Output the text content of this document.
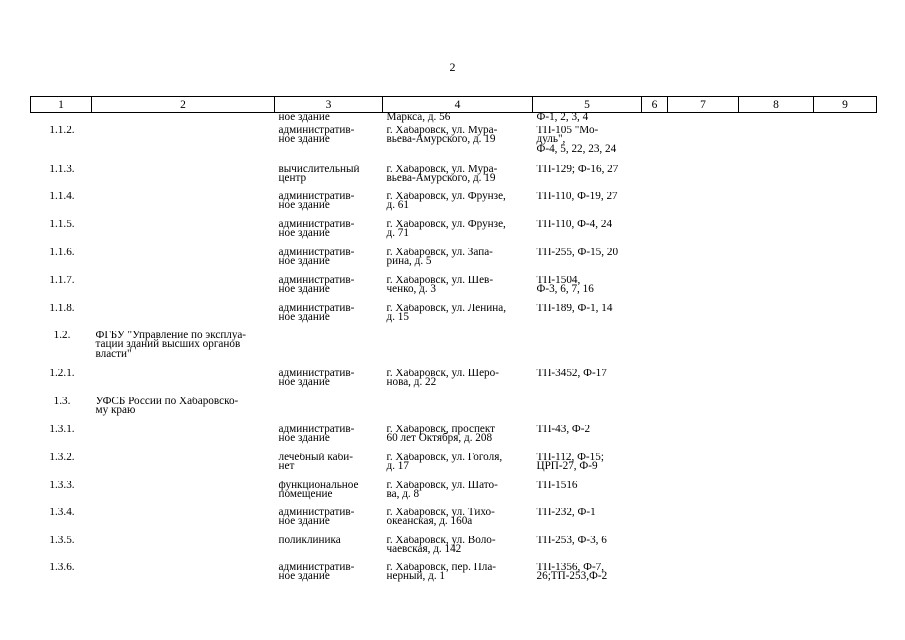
2
1	2	3	4	5	6	7	8	9

		ное здание	Маркса, д. 56	Ф-1, 2, 3, 4				

1.1.2.		административ-
ное здание	г. Хабаровск, ул. Мура-
вьева-Амурского, д. 19	ТП-105 "Мо-
дуль",
Ф-4, 5, 22, 23, 24				

1.1.3.		вычислительный
центр	г. Хабаровск, ул. Мура-
вьева-Амурского, д. 19	ТП-129; Ф-16, 27				

1.1.4.		административ-
ное здание	г. Хабаровск, ул. Фрунзе,
д. 61	ТП-110, Ф-19, 27				

1.1.5.		административ-
ное здание	г. Хабаровск, ул. Фрунзе,
д. 71	ТП-110, Ф-4, 24				

1.1.6.		административ-
ное здание	г. Хабаровск, ул. Запа-
рина, д. 5	ТП-255, Ф-15, 20				

1.1.7.		административ-
ное здание	г. Хабаровск, ул. Шев-
ченко, д. 3	ТП-1504,
Ф-3, 6, 7, 16				

1.1.8.		административ-
ное здание	г. Хабаровск, ул. Ленина,
д. 15	ТП-189, Ф-1, 14				

1.2.	ФГБУ "Управление по эксплуа-
тации зданий высших органов
власти"							

1.2.1.		административ-
ное здание	г. Хабаровск, ул. Шеро-
нова, д. 22	ТП-3452, Ф-17				

1.3.	УФСБ России по Хабаровско-
му краю							

1.3.1.		административ-
ное здание	г. Хабаровск, проспект
60 лет Октября, д. 208	ТП-43, Ф-2				

1.3.2.		лечебный каби-
нет	г. Хабаровск, ул. Гоголя,
д. 17	ТП-112, Ф-15;
ЦРП-27, Ф-9				

1.3.3.		функциональное
помещение	г. Хабаровск, ул. Шато-
ва, д. 8	ТП-1516				

1.3.4.		административ-
ное здание	г. Хабаровск, ул. Тихо-
океанская, д. 160а	ТП-232, Ф-1				

1.3.5.		поликлиника	г. Хабаровск, ул. Воло-
чаевская, д. 142	ТП-253, Ф-3, 6				

1.3.6.		административ-
ное здание	г. Хабаровск, пер. Пла-
нерный, д. 1	ТП-1356, Ф-7,
26;ТП-253,Ф-2				
